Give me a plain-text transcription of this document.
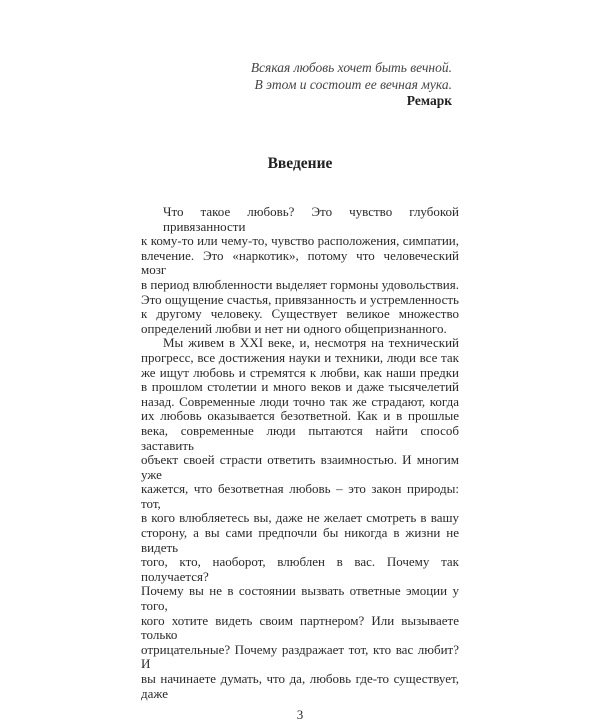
Всякая любовь хочет быть вечной.
В этом и состоит ее вечная мука.
Ремарк
Введение
Что такое любовь? Это чувство глубокой привязанности
к кому-то или чему-то, чувство расположения, симпатии,
влечение. Это «наркотик», потому что человеческий мозг
в период влюбленности выделяет гормоны удовольствия.
Это ощущение счастья, привязанность и устремленность
к другому человеку. Существует великое множество
определений любви и нет ни одного общепризнанного.
Мы живем в XXI веке, и, несмотря на технический
прогресс, все достижения науки и техники, люди все так
же ищут любовь и стремятся к любви, как наши предки
в прошлом столетии и много веков и даже тысячелетий
назад. Современные люди точно так же страдают, когда
их любовь оказывается безответной. Как и в прошлые
века, современные люди пытаются найти способ заставить
объект своей страсти ответить взаимностью. И многим уже
кажется, что безответная любовь – это закон природы: тот,
в кого влюбляетесь вы, даже не желает смотреть в вашу
сторону, а вы сами предпочли бы никогда в жизни не видеть
того, кто, наоборот, влюблен в вас. Почему так получается?
Почему вы не в состоянии вызвать ответные эмоции у того,
кого хотите видеть своим партнером? Или вызываете только
отрицательные? Почему раздражает тот, кто вас любит? И
вы начинаете думать, что да, любовь где-то существует, даже
3
